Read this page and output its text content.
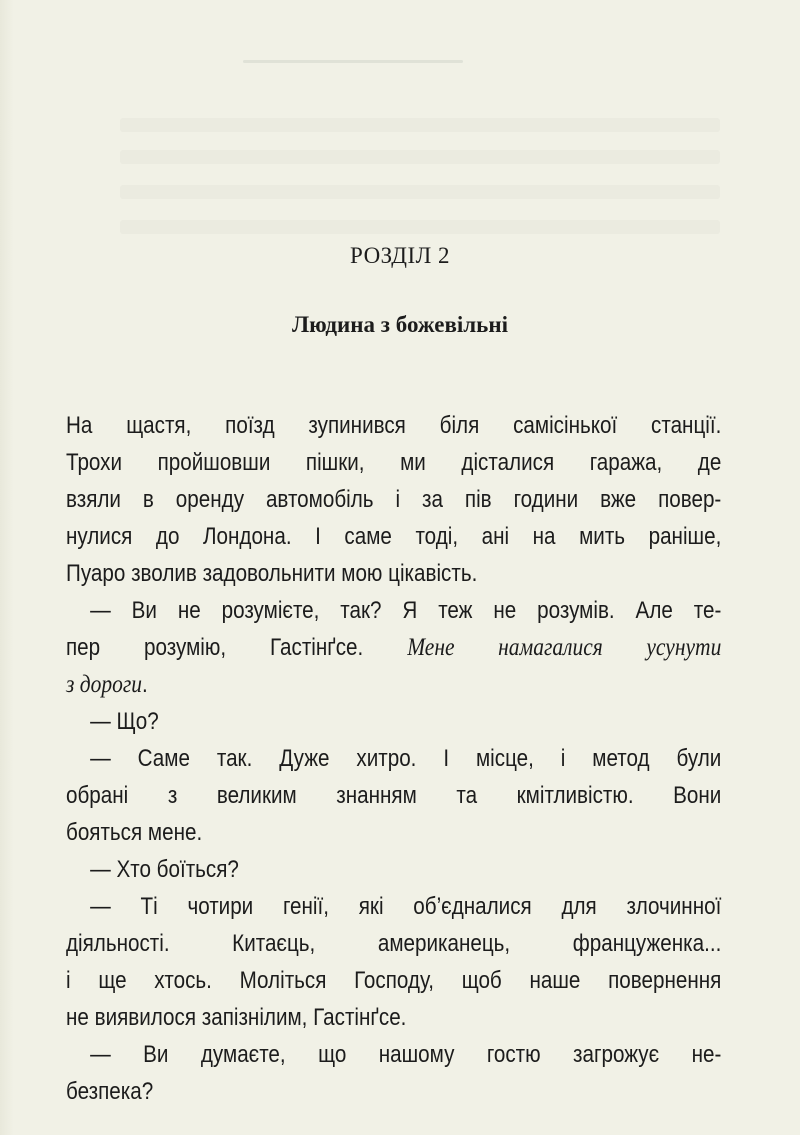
РОЗДІЛ 2
Людина з божевільні
На щастя, поїзд зупинився біля самісінької станції.
Трохи пройшовши пішки, ми дісталися гаража, де
взяли в оренду автомобіль і за пів години вже повер-
нулися до Лондона. І саме тоді, ані на мить раніше,
Пуаро зволив задовольнити мою цікавість.
— Ви не розумієте, так? Я теж не розумів. Але те-
пер розумію, Гастінґсе. Мене намагалися усунути
з дороги.
— Що?
— Саме так. Дуже хитро. І місце, і метод були
обрані з великим знанням та кмітливістю. Вони
бояться мене.
— Хто боїться?
— Ті чотири генії, які об’єдналися для злочинної
діяльності. Китаєць, американець, француженка...
і ще хтось. Моліться Господу, щоб наше повернення
не виявилося запізнілим, Гастінґсе.
— Ви думаєте, що нашому гостю загрожує не-
безпека?
